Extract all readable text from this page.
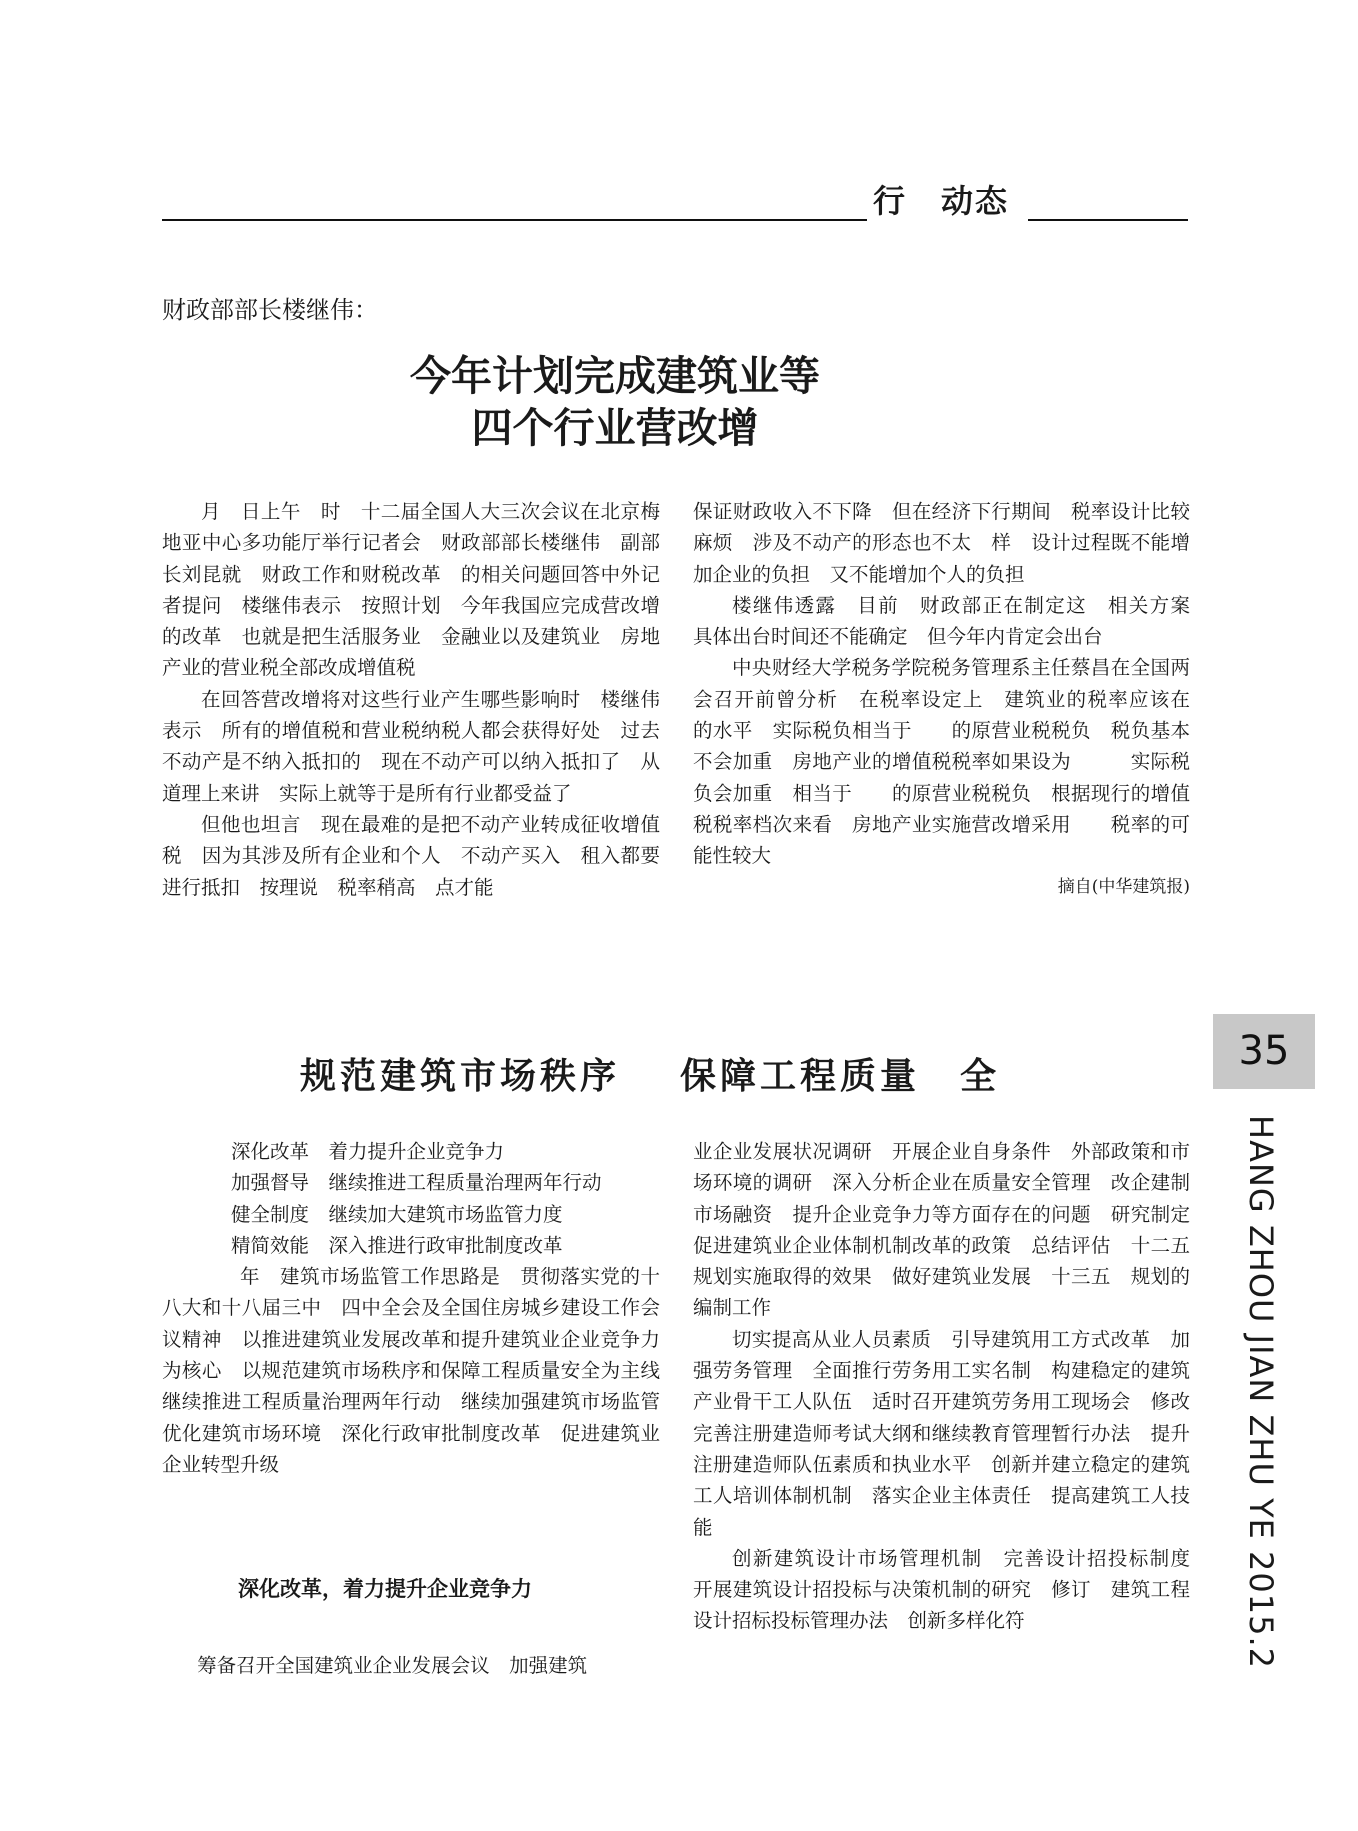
行　动态
财政部部长楼继伟：
今年计划完成建筑业等
四个行业营改增

月　日上午　时　十二届全国人大三次会议在北京梅地亚中心多功能厅举行记者会　财政部部长楼继伟　副部长刘昆就　财政工作和财税改革　的相关问题回答中外记者提问　楼继伟表示　按照计划　今年我国应完成营改增的改革　也就是把生活服务业　金融业以及建筑业　房地产业的营业税全部改成增值税

在回答营改增将对这些行业产生哪些影响时　楼继伟表示　所有的增值税和营业税纳税人都会获得好处　过去不动产是不纳入抵扣的　现在不动产可以纳入抵扣了　从道理上来讲　实际上就等于是所有行业都受益了

但他也坦言　现在最难的是把不动产业转成征收增值税　因为其涉及所有企业和个人　不动产买入　租入都要进行抵扣　按理说　税率稍高　点才能

保证财政收入不下降　但在经济下行期间　税率设计比较麻烦　涉及不动产的形态也不太　样　设计过程既不能增加企业的负担　又不能增加个人的负担

楼继伟透露　目前　财政部正在制定这　相关方案　具体出台时间还不能确定　但今年内肯定会出台

中央财经大学税务学院税务管理系主任蔡昌在全国两会召开前曾分析　在税率设定上　建筑业的税率应该在　　的水平　实际税负相当于　　的原营业税税负　税负基本不会加重　房地产业的增值税税率如果设为　　　实际税负会加重　相当于　　的原营业税税负　根据现行的增值税税率档次来看　房地产业实施营改增采用　　税率的可能性较大

摘自(中华建筑报)

规范建筑市场秩序 保障工程质量　全

深化改革　着力提升企业竞争力

加强督导　继续推进工程质量治理两年行动

健全制度　继续加大建筑市场监管力度

精简效能　深入推进行政审批制度改革

年　建筑市场监管工作思路是　贯彻落实党的十八大和十八届三中　四中全会及全国住房城乡建设工作会议精神　以推进建筑业发展改革和提升建筑业企业竞争力为核心　以规范建筑市场秩序和保障工程质量安全为主线　继续推进工程质量治理两年行动　继续加强建筑市场监管　优化建筑市场环境　深化行政审批制度改革　促进建筑业企业转型升级

深化改革，着力提升企业竞争力

筹备召开全国建筑业企业发展会议　加强建筑

业企业发展状况调研　开展企业自身条件　外部政策和市场环境的调研　深入分析企业在质量安全管理　改企建制　市场融资　提升企业竞争力等方面存在的问题　研究制定促进建筑业企业体制机制改革的政策　总结评估　十二五　规划实施取得的效果　做好建筑业发展　十三五　规划的编制工作

切实提高从业人员素质　引导建筑用工方式改革　加强劳务管理　全面推行劳务用工实名制　构建稳定的建筑产业骨干工人队伍　适时召开建筑劳务用工现场会　修改完善注册建造师考试大纲和继续教育管理暂行办法　提升注册建造师队伍素质和执业水平　创新并建立稳定的建筑工人培训体制机制　落实企业主体责任　提高建筑工人技能

创新建筑设计市场管理机制　完善设计招投标制度　开展建筑设计招投标与决策机制的研究　修订　建筑工程设计招标投标管理办法　创新多样化符

35
HANG ZHOU JIAN ZHU YE 2015.2
